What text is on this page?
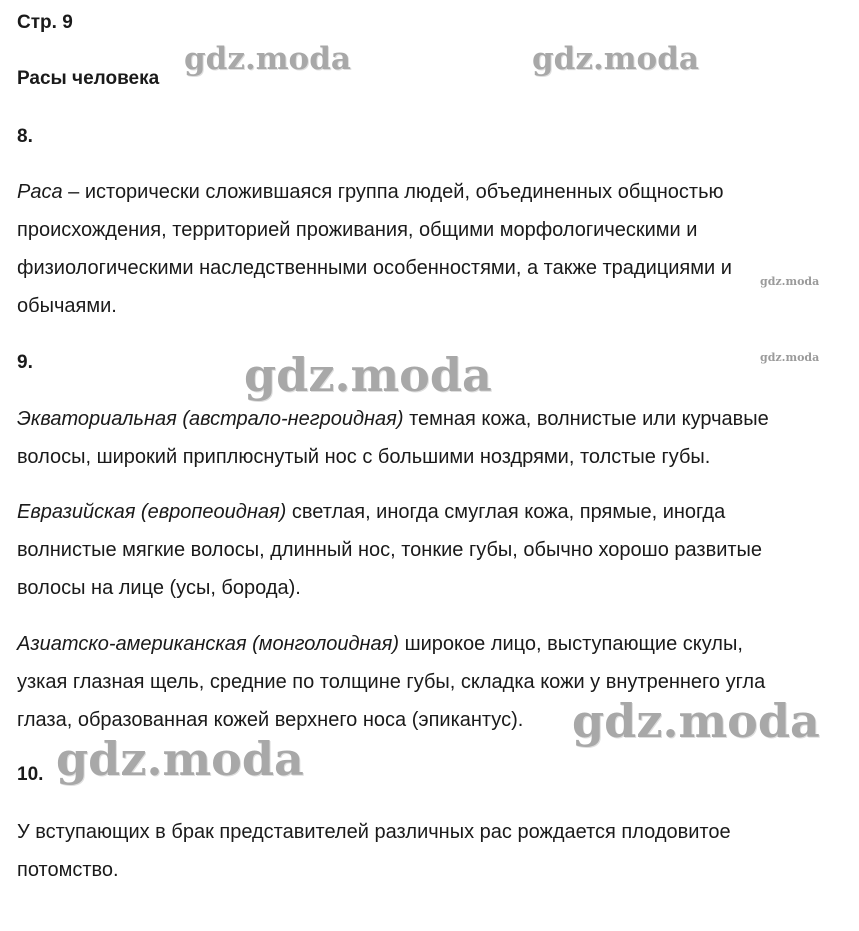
Стр. 9
Расы человека
8.
Раса – исторически сложившаяся группа людей, объединенных общностью
происхождения, территорией проживания, общими морфологическими и
физиологическими наследственными особенностями, а также традициями и
обычаями.
9.
Экваториальная (австрало-негроидная) темная кожа, волнистые или курчавые
волосы, широкий приплюснутый нос с большими ноздрями, толстые губы.
Евразийская (европеоидная) светлая, иногда смуглая кожа, прямые, иногда
волнистые мягкие волосы, длинный нос, тонкие губы, обычно хорошо развитые
волосы на лице (усы, борода).
Азиатско-американская (монголоидная) широкое лицо, выступающие скулы,
узкая глазная щель, средние по толщине губы, складка кожи у внутреннего угла
глаза, образованная кожей верхнего носа (эпикантус).
10.
У вступающих в брак представителей различных рас рождается плодовитое
потомство.
gdz.moda	gdz.moda
gdz.moda
gdz.moda
gdz.moda
gdz.moda
gdz.moda
